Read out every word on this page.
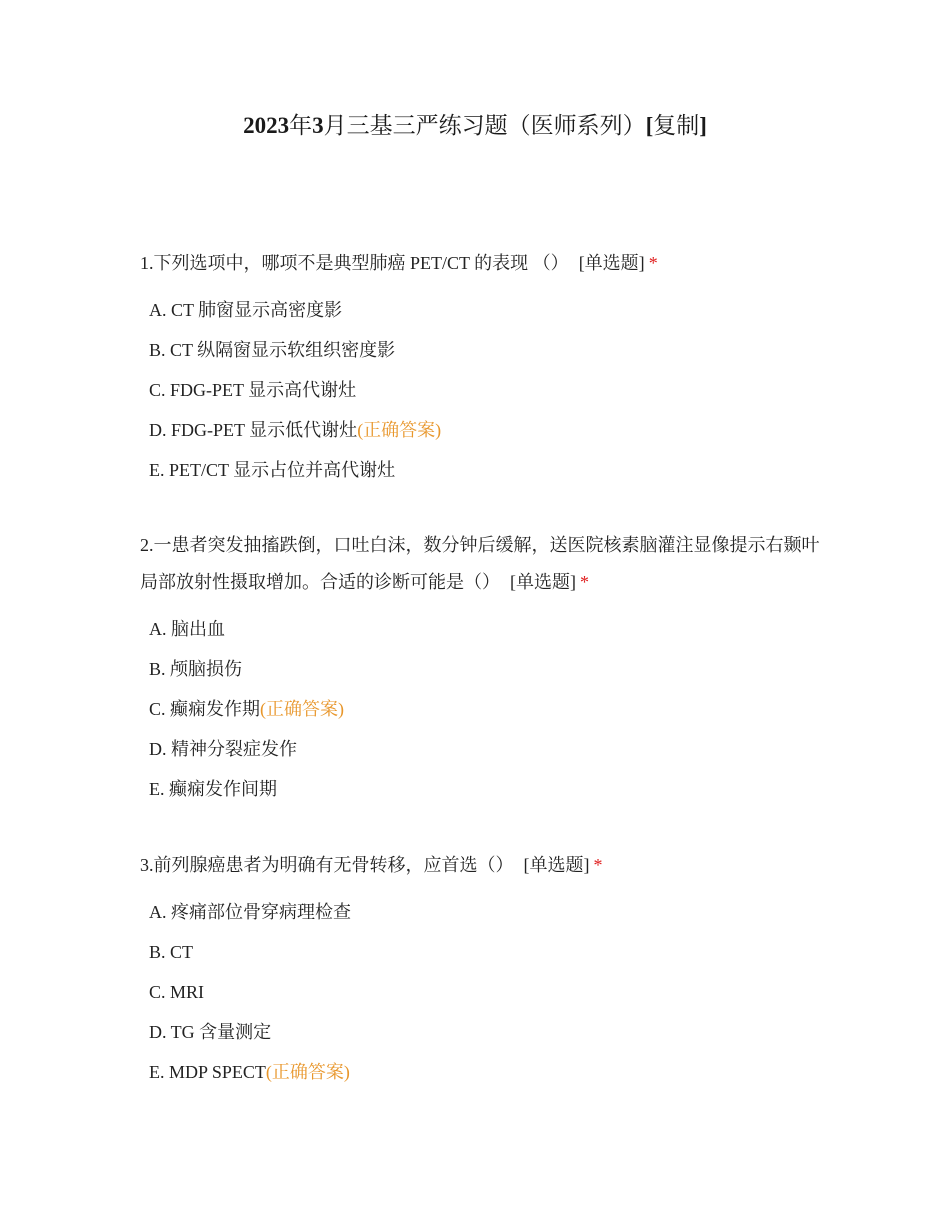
2023年3月三基三严练习题（医师系列）[复制]

1.下列选项中，哪项不是典型肺癌 PET/CT 的表现 （） [单选题] *

A. CT 肺窗显示高密度影
B. CT 纵隔窗显示软组织密度影
C. FDG-PET 显示高代谢灶
D. FDG-PET 显示低代谢灶(正确答案)
E. PET/CT 显示占位并高代谢灶

2.一患者突发抽搐跌倒，口吐白沫，数分钟后缓解，送医院核素脑灌注显像提示右颞叶局部放射性摄取增加。合适的诊断可能是（） [单选题] *

A. 脑出血
B. 颅脑损伤
C. 癫痫发作期(正确答案)
D. 精神分裂症发作
E. 癫痫发作间期

3.前列腺癌患者为明确有无骨转移，应首选（） [单选题] *

A. 疼痛部位骨穿病理检查
B. CT
C. MRI
D. TG 含量测定
E. MDP SPECT(正确答案)
